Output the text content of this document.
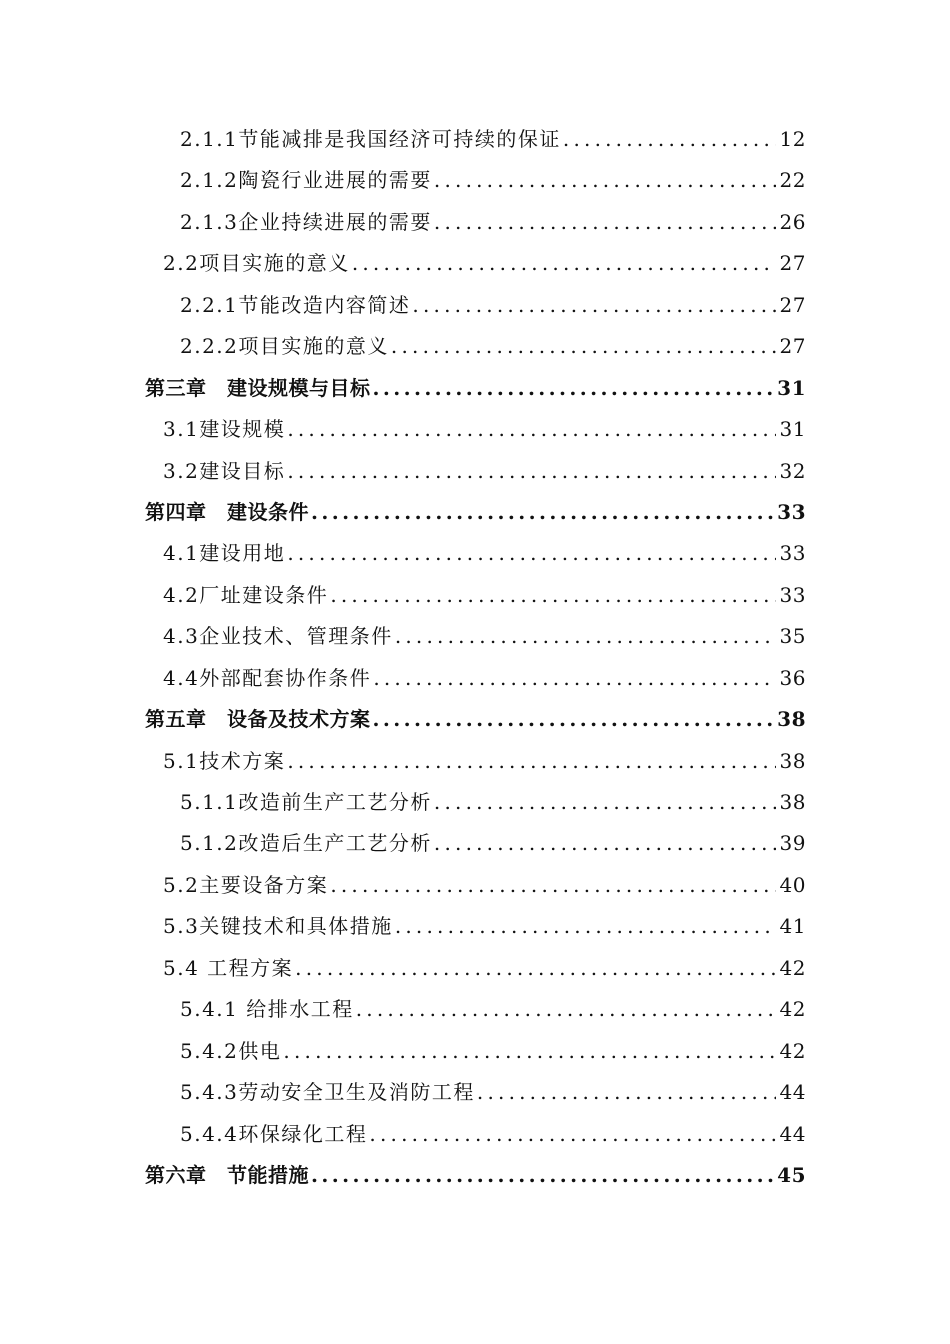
2.1.1节能减排是我国经济可持续的保证 .....	12
2.1.2陶瓷行业进展的需要 .....	22
2.1.3企业持续进展的需要 .....	26
2.2项目实施的意义 .....	27
2.2.1节能改造内容简述 .....	27
2.2.2项目实施的意义 .....	27
第三章　建设规模与目标 .....	31
3.1建设规模 .....	31
3.2建设目标 .....	32
第四章　建设条件 .....	33
4.1建设用地 .....	33
4.2厂址建设条件 .....	33
4.3企业技术、管理条件 .....	35
4.4外部配套协作条件 .....	36
第五章　设备及技术方案 .....	38
5.1技术方案 .....	38
5.1.1改造前生产工艺分析 .....	38
5.1.2改造后生产工艺分析 .....	39
5.2主要设备方案 .....	40
5.3关键技术和具体措施 .....	41
5.4 工程方案 .....	42
5.4.1 给排水工程 .....	42
5.4.2供电 .....	42
5.4.3劳动安全卫生及消防工程 .....	44
5.4.4环保绿化工程 .....	44
第六章　节能措施 .....	45
